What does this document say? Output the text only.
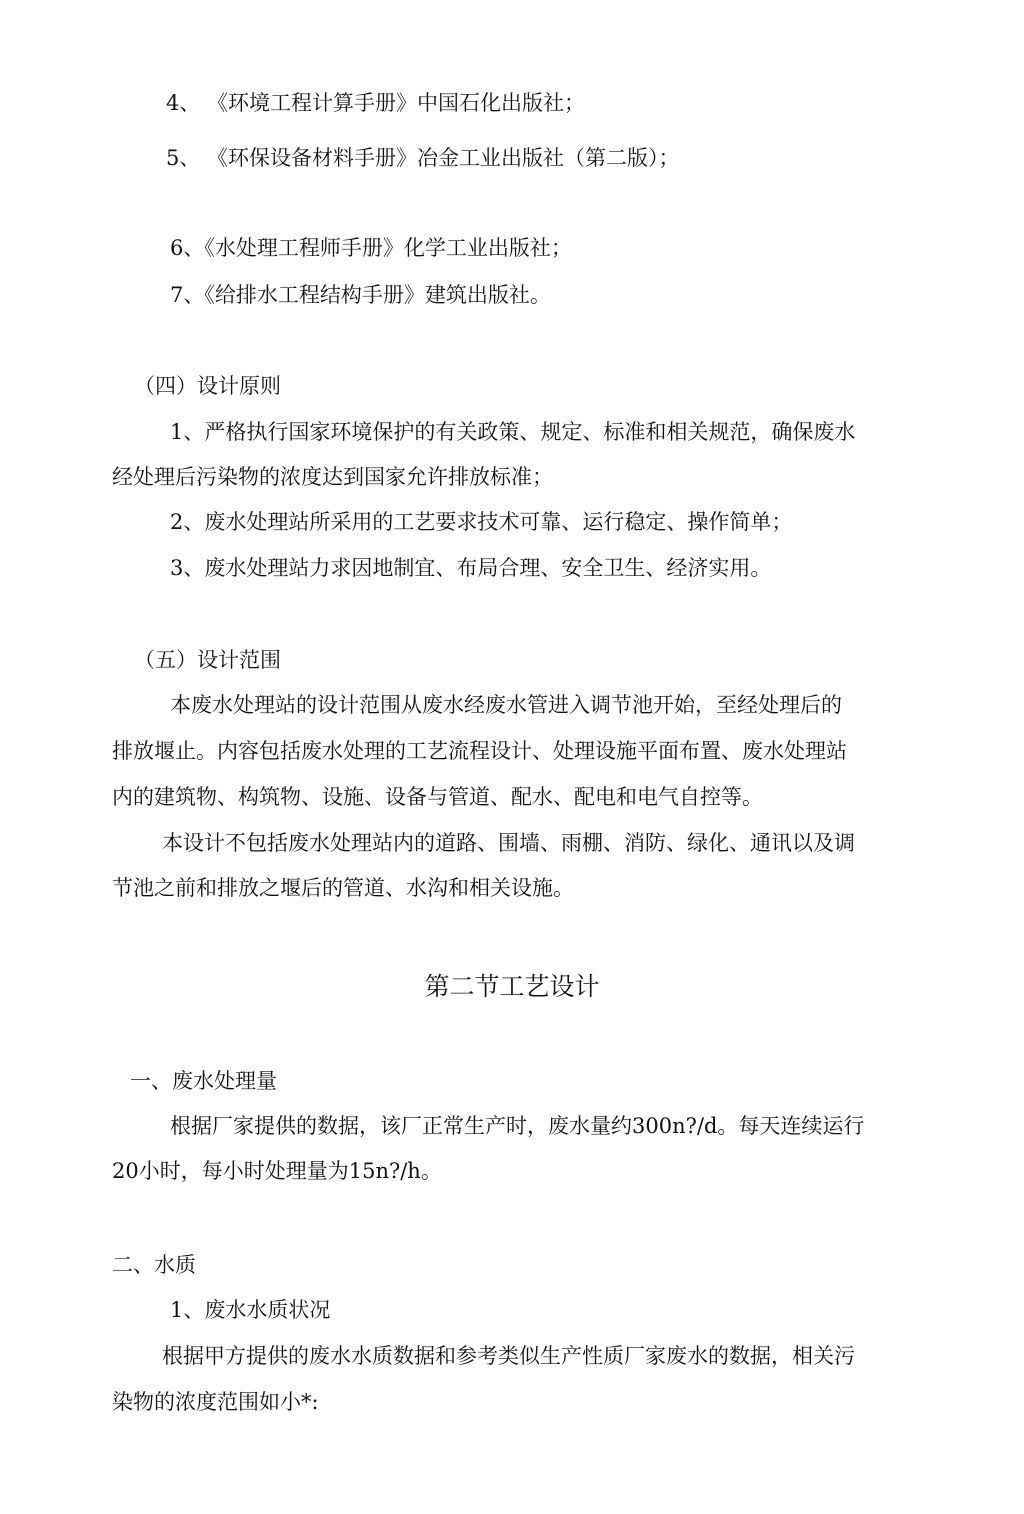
4、 《环境工程计算手册》中国石化出版社；
5、 《环保设备材料手册》冶金工业出版社（第二版）；
6、《水处理工程师手册》化学工业出版社；
7、《给排水工程结构手册》建筑出版社。
（四）设计原则
1、严格执行国家环境保护的有关政策、规定、标准和相关规范，确保废水
经处理后污染物的浓度达到国家允许排放标准；
2、废水处理站所采用的工艺要求技术可靠、运行稳定、操作简单；
3、废水处理站力求因地制宜、布局合理、安全卫生、经济实用。
（五）设计范围
本废水处理站的设计范围从废水经废水管进入调节池开始，至经处理后的
排放堰止。内容包括废水处理的工艺流程设计、处理设施平面布置、废水处理站
内的建筑物、构筑物、设施、设备与管道、配水、配电和电气自控等。
本设计不包括废水处理站内的道路、围墙、雨棚、消防、绿化、通讯以及调
节池之前和排放之堰后的管道、水沟和相关设施。
第二节工艺设计
一、废水处理量
根据厂家提供的数据，该厂正常生产时，废水量约300n?/d。每天连续运行
20小时，每小时处理量为15n?/h。
二、水质
1、废水水质状况
根据甲方提供的废水水质数据和参考类似生产性质厂家废水的数据，相关污
染物的浓度范围如小*:
